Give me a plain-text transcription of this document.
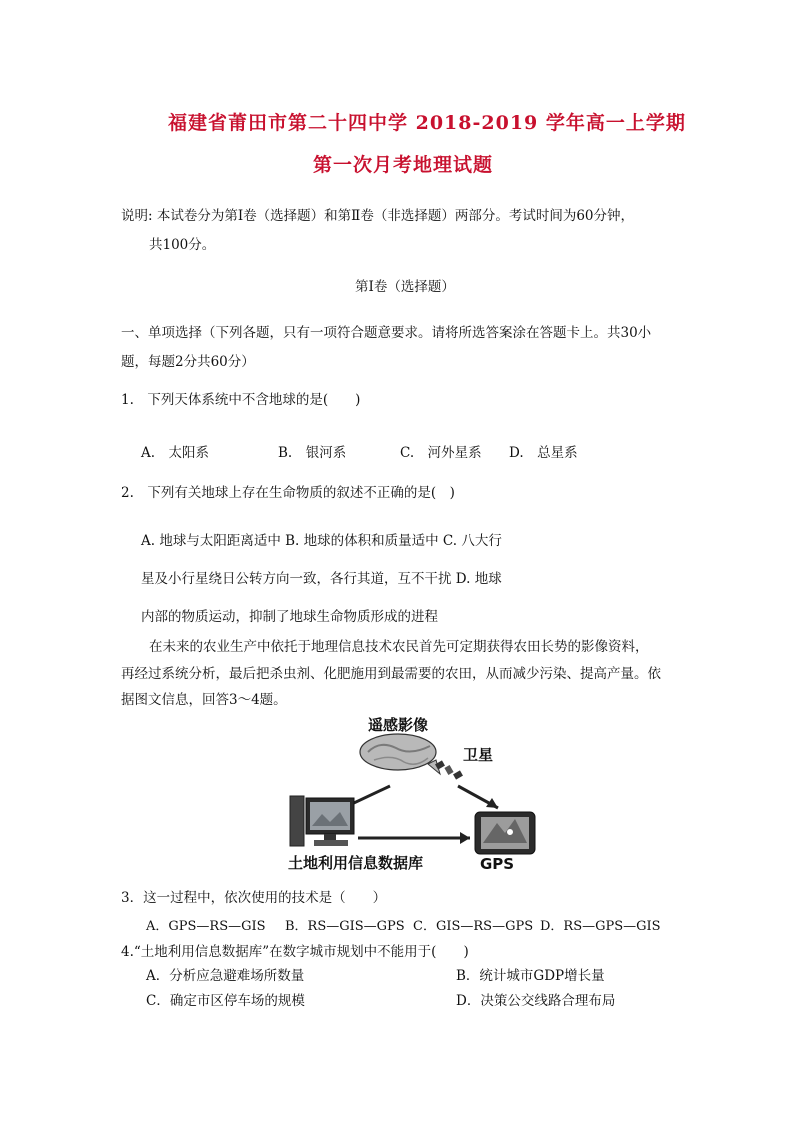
福建省莆田市第二十四中学 2018-2019 学年高一上学期
第一次月考地理试题
说明: 本试卷分为第Ⅰ卷（选择题）和第Ⅱ卷（非选择题）两部分。考试时间为60分钟，
共100分。
第Ⅰ卷（选择题）
一、单项选择（下列各题，只有一项符合题意要求。请将所选答案涂在答题卡上。共30小
题，每题2分共60分）
1.　下列天体系统中不含地球的是(　　)
A.　太阳系	B.　银河系	C.　河外星系 D.　总星系
2.　下列有关地球上存在生命物质的叙述不正确的是(　)
A. 地球与太阳距离适中 B. 地球的体积和质量适中 C. 八大行
星及小行星绕日公转方向一致，各行其道，互不干扰 D. 地球
内部的物质运动，抑制了地球生命物质形成的进程
在未来的农业生产中依托于地理信息技术农民首先可定期获得农田长势的影像资料，
再经过系统分析，最后把杀虫剂、化肥施用到最需要的农田，从而减少污染、提高产量。依
据图文信息，回答3～4题。
遥感影像
卫星
土地利用信息数据库	GPS
3．这一过程中，依次使用的技术是（　　）
A．GPS—RS—GIS B．RS—GIS—GPS C．GIS—RS—GPS D．RS—GPS—GIS
4.“土地利用信息数据库”在数字城市规划中不能用于(　　)
A．分析应急避难场所数量	B．统计城市GDP增长量
C．确定市区停车场的规模	D．决策公交线路合理布局
